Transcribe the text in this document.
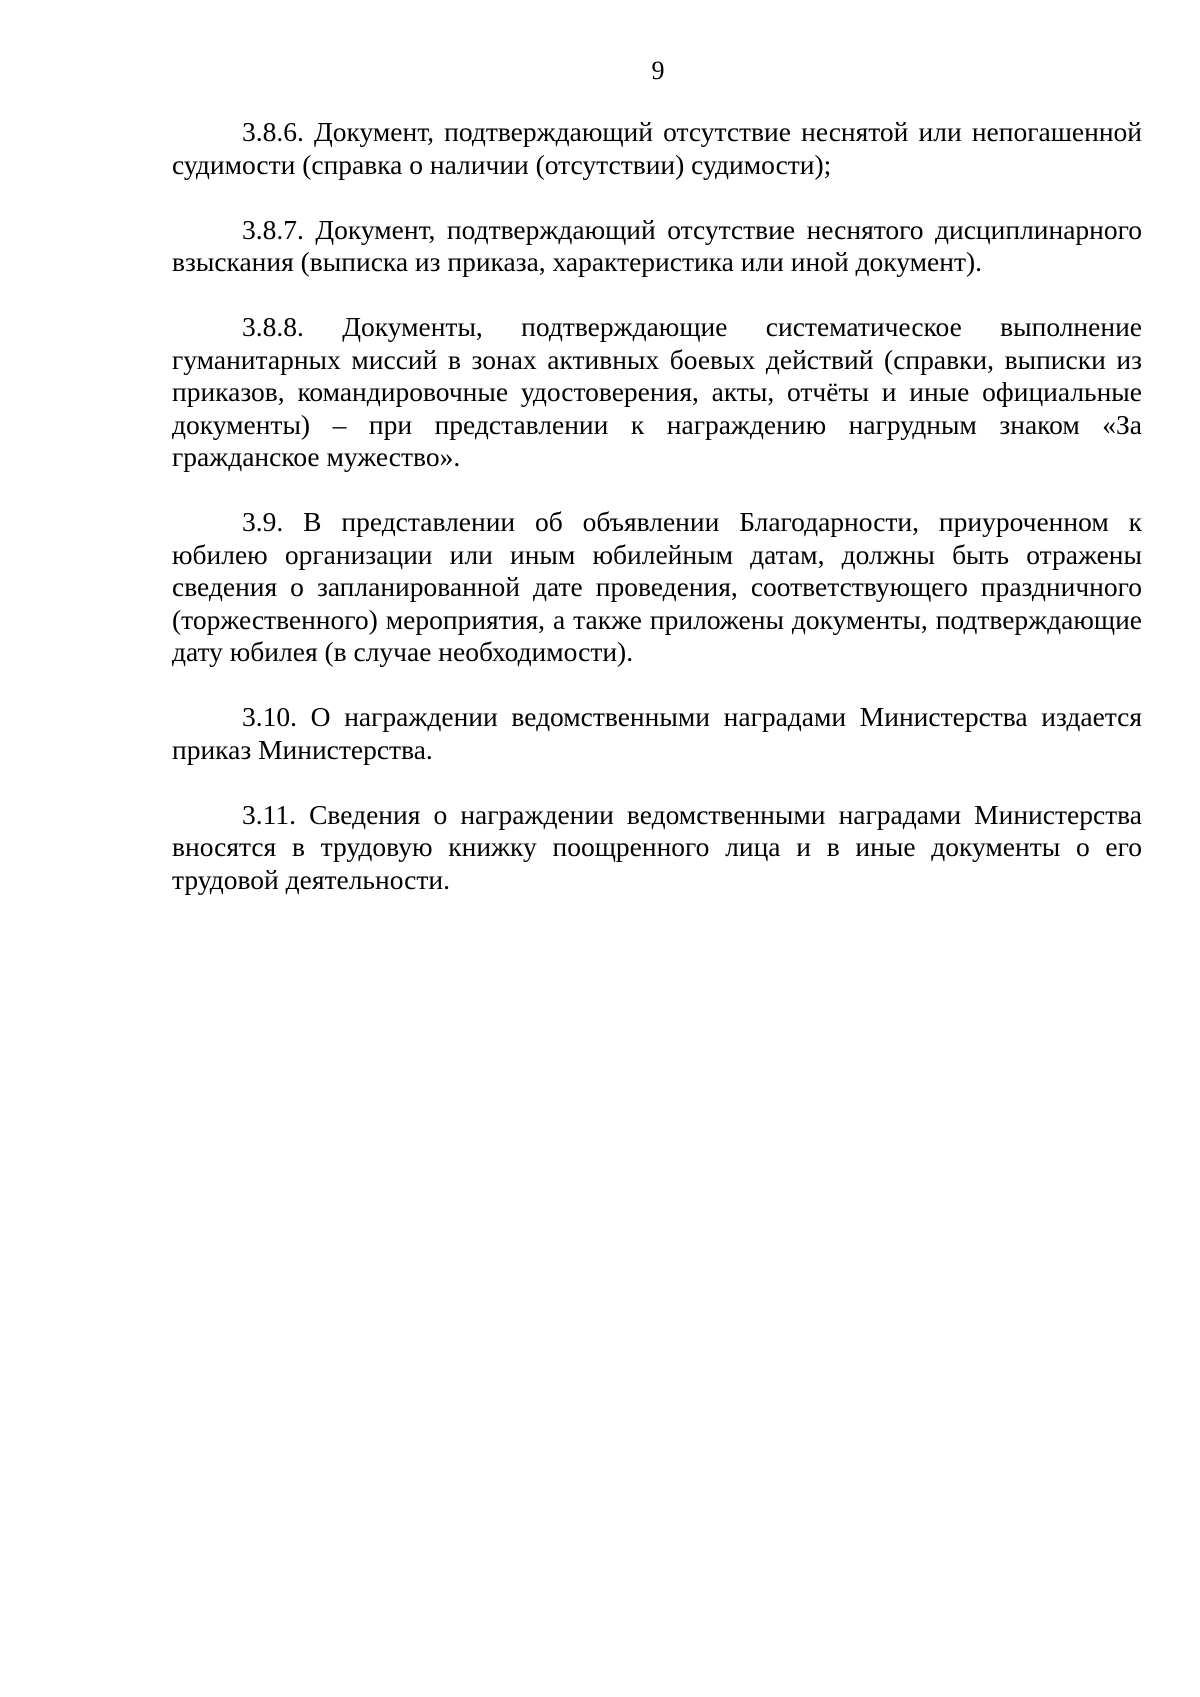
9

3.8.6. Документ, подтверждающий отсутствие неснятой или непогашенной судимости (справка о наличии (отсутствии) судимости);

3.8.7. Документ, подтверждающий отсутствие неснятого дисциплинарного взыскания (выписка из приказа, характеристика или иной документ).

3.8.8. Документы, подтверждающие систематическое выполнение гуманитарных миссий в зонах активных боевых действий (справки, выписки из приказов, командировочные удостоверения, акты, отчёты и иные официальные документы) – при представлении к награждению нагрудным знаком «За гражданское мужество».

3.9. В представлении об объявлении Благодарности, приуроченном к юбилею организации или иным юбилейным датам, должны быть отражены сведения о запланированной дате проведения, соответствующего праздничного (торжественного) мероприятия, а также приложены документы, подтверждающие дату юбилея (в случае необходимости).

3.10. О награждении ведомственными наградами Министерства издается приказ Министерства.

3.11. Сведения о награждении ведомственными наградами Министерства вносятся в трудовую книжку поощренного лица и в иные документы о его трудовой деятельности.
